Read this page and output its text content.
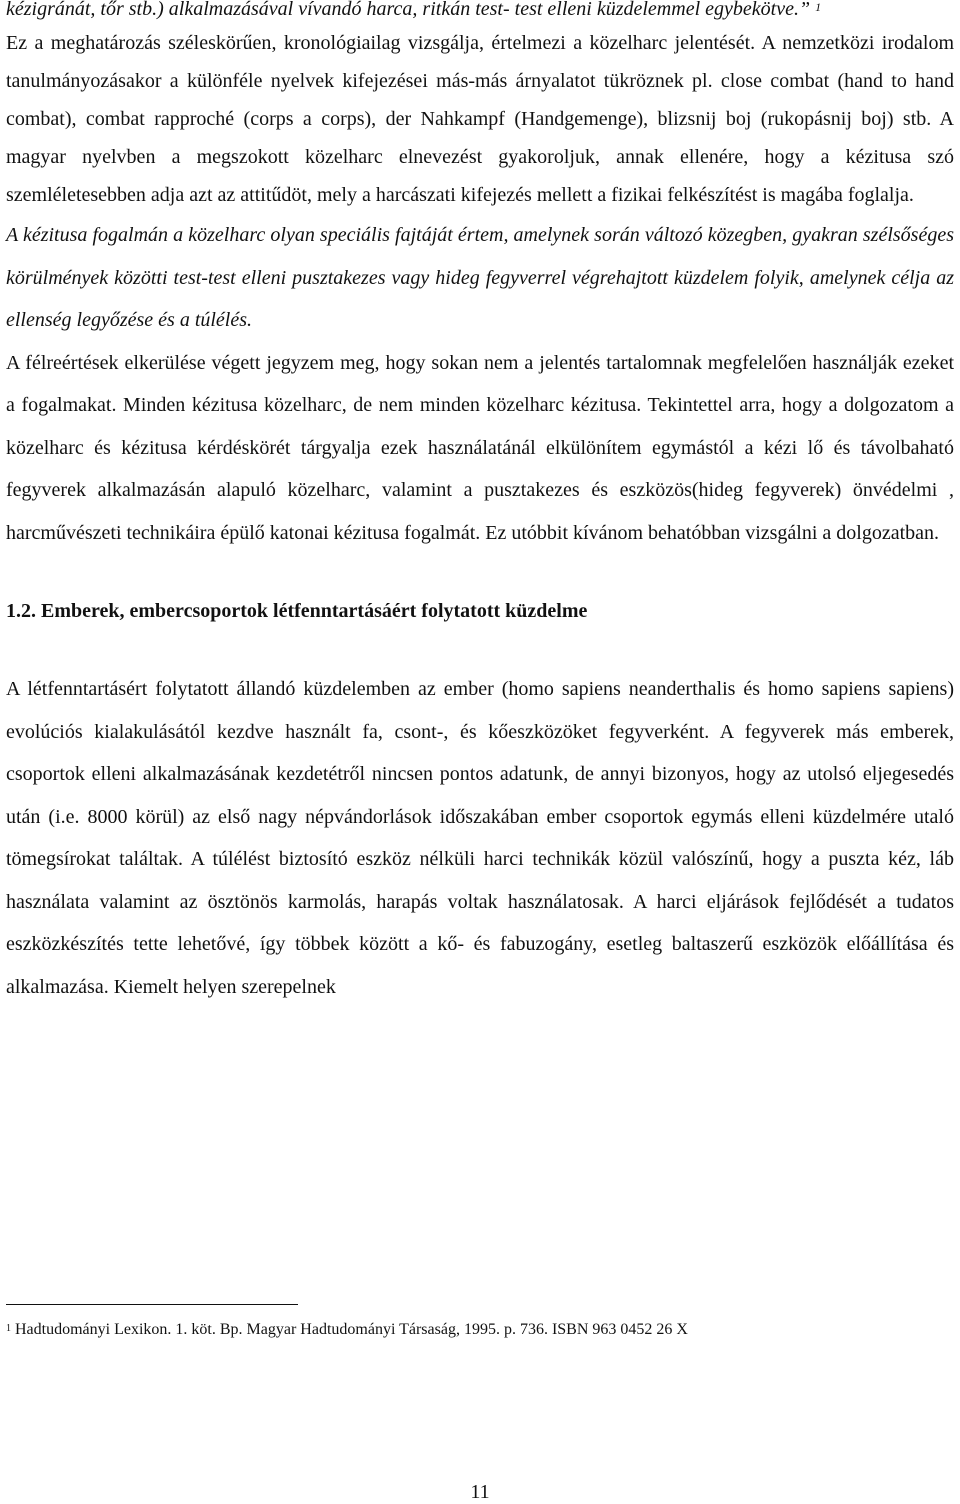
kézigránát, tőr stb.) alkalmazásával vívandó harca, ritkán test- test elleni küzdelemmel egybekötve.” $^1$

Ez a meghatározás széleskörűen, kronológiailag vizsgálja, értelmezi a közelharc jelentését. A nemzetközi irodalom tanulmányozásakor a különféle nyelvek kifejezései más-más árnyalatot tükröznek pl. close combat (hand to hand combat), combat rapproché (corps a corps), der Nahkampf (Handgemenge), blizsnij boj (rukopásnij boj) stb. A magyar nyelvben a megszokott közelharc elnevezést gyakoroljuk, annak ellenére, hogy a kézitusa szó szemléletesebben adja azt az attitűdöt, mely a harcászati kifejezés mellett a fizikai felkészítést is magába foglalja.

A kézitusa fogalmán a közelharc olyan speciális fajtáját értem, amelynek során változó közegben, gyakran szélsőséges körülmények közötti test-test elleni pusztakezes vagy hideg fegyverrel végrehajtott küzdelem folyik, amelynek célja az ellenség legyőzése és a túlélés.

A félreértések elkerülése végett jegyzem meg, hogy sokan nem a jelentés tartalomnak megfelelően használják ezeket a fogalmakat. Minden kézitusa közelharc, de nem minden közelharc kézitusa. Tekintettel arra, hogy a dolgozatom a közelharc és kézitusa kérdéskörét tárgyalja ezek használatánál elkülönítem egymástól a kézi lő és távolbaható fegyverek alkalmazásán alapuló közelharc, valamint a pusztakezes és eszközös(hideg fegyverek) önvédelmi , harcművészeti technikáira épülő katonai kézitusa fogalmát. Ez utóbbit kívánom behatóbban vizsgálni a dolgozatban.

1.2. Emberek, embercsoportok létfenntartásáért folytatott küzdelme

A létfenntartásért folytatott állandó küzdelemben az ember (homo sapiens neanderthalis és homo sapiens sapiens) evolúciós kialakulásától kezdve használt fa, csont-, és kőeszközöket fegyverként. A fegyverek más emberek, csoportok elleni alkalmazásának kezdetétről nincsen pontos adatunk, de annyi bizonyos, hogy az utolsó eljegesedés után (i.e. 8000 körül) az első nagy népvándorlások időszakában ember csoportok egymás elleni küzdelmére utaló tömegsírokat találtak. A túlélést biztosító eszköz nélküli harci technikák közül valószínű, hogy a puszta kéz, láb használata valamint az ösztönös karmolás, harapás voltak használatosak. A harci eljárások fejlődését a tudatos eszközkészítés tette lehetővé, így többek között a kő- és fabuzogány, esetleg baltaszerű eszközök előállítása és alkalmazása. Kiemelt helyen szerepelnek

$^1$ Hadtudományi Lexikon. 1. köt. Bp. Magyar Hadtudományi Társaság, 1995. p. 736. ISBN 963 0452 26 X
11
